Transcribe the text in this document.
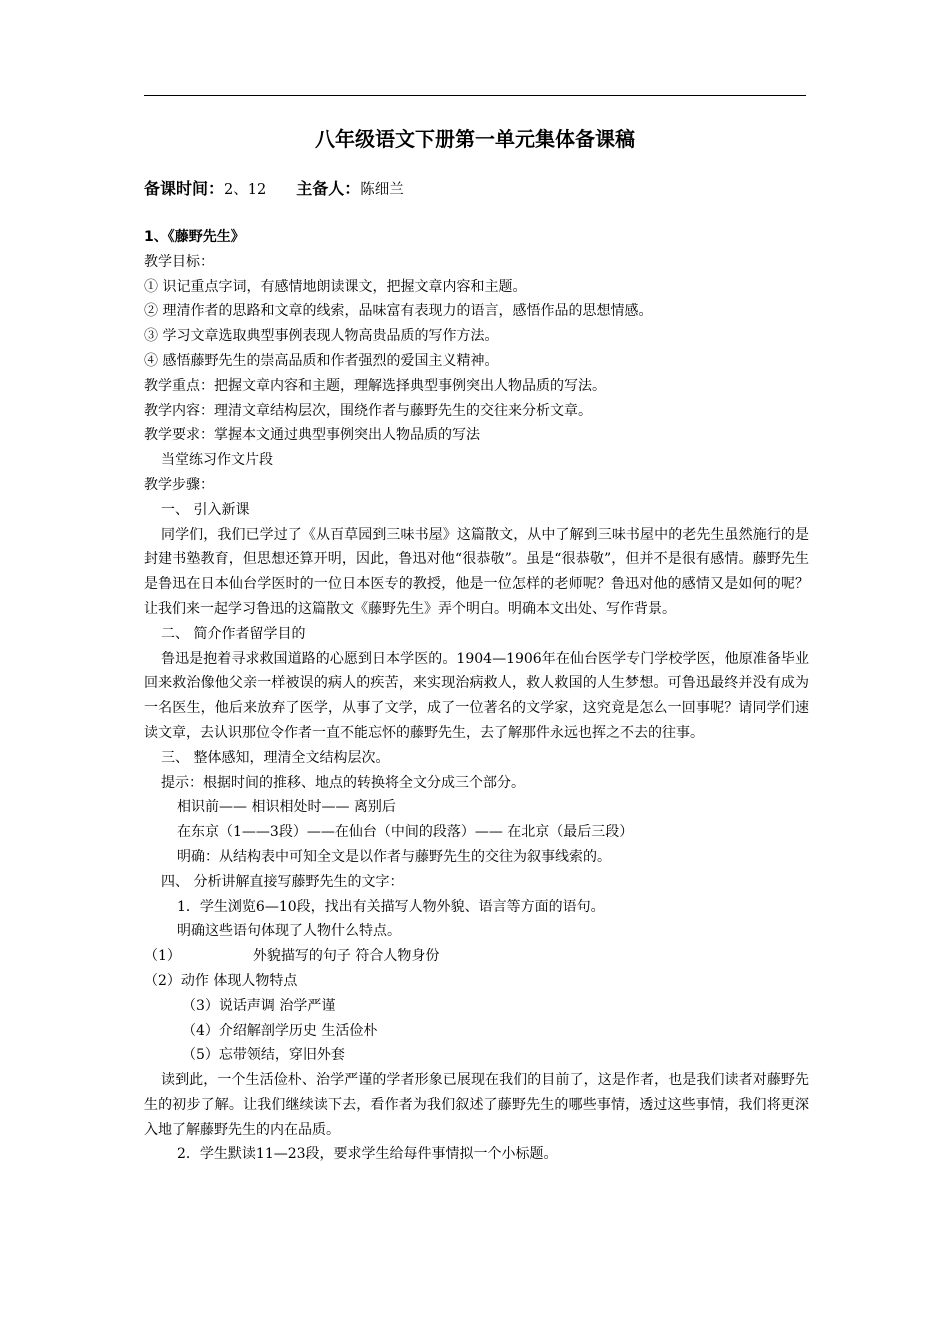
八年级语文下册第一单元集体备课稿
备课时间：2、12 主备人：陈细兰

1、《藤野先生》

教学目标：

① 识记重点字词，有感情地朗读课文，把握文章内容和主题。

② 理清作者的思路和文章的线索，品味富有表现力的语言，感悟作品的思想情感。

③ 学习文章选取典型事例表现人物高贵品质的写作方法。

④ 感悟藤野先生的崇高品质和作者强烈的爱国主义精神。

教学重点：把握文章内容和主题，理解选择典型事例突出人物品质的写法。

教学内容：理清文章结构层次，围绕作者与藤野先生的交往来分析文章。

教学要求：掌握本文通过典型事例突出人物品质的写法

当堂练习作文片段

教学步骤：

一、 引入新课

同学们，我们已学过了《从百草园到三味书屋》这篇散文，从中了解到三味书屋中的老先生虽然施行的是封建书塾教育，但思想还算开明，因此，鲁迅对他“很恭敬”。虽是“很恭敬”，但并不是很有感情。藤野先生是鲁迅在日本仙台学医时的一位日本医专的教授，他是一位怎样的老师呢？鲁迅对他的感情又是如何的呢？让我们来一起学习鲁迅的这篇散文《藤野先生》弄个明白。明确本文出处、写作背景。

二、 简介作者留学目的

鲁迅是抱着寻求救国道路的心愿到日本学医的。1904—1906年在仙台医学专门学校学医，他原准备毕业回来救治像他父亲一样被误的病人的疾苦，来实现治病救人，救人救国的人生梦想。可鲁迅最终并没有成为一名医生，他后来放弃了医学，从事了文学，成了一位著名的文学家，这究竟是怎么一回事呢？请同学们速读文章，去认识那位令作者一直不能忘怀的藤野先生，去了解那件永远也挥之不去的往事。

三、 整体感知，理清全文结构层次。

提示：根据时间的推移、地点的转换将全文分成三个部分。

相识前—— 相识相处时—— 离别后

在东京（1——3段）——在仙台（中间的段落）—— 在北京（最后三段）

明确：从结构表中可知全文是以作者与藤野先生的交往为叙事线索的。

四、 分析讲解直接写藤野先生的文字：

1．学生浏览6—10段，找出有关描写人物外貌、语言等方面的语句。

明确这些语句体现了人物什么特点。

（1）	外貌描写的句子 符合人物身份

（2）动作 体现人物特点

（3）说话声调 治学严谨

（4）介绍解剖学历史 生活俭朴

（5）忘带领结，穿旧外套

读到此，一个生活俭朴、治学严谨的学者形象已展现在我们的目前了，这是作者，也是我们读者对藤野先生的初步了解。让我们继续读下去，看作者为我们叙述了藤野先生的哪些事情，透过这些事情，我们将更深入地了解藤野先生的内在品质。

2．学生默读11—23段，要求学生给每件事情拟一个小标题。
